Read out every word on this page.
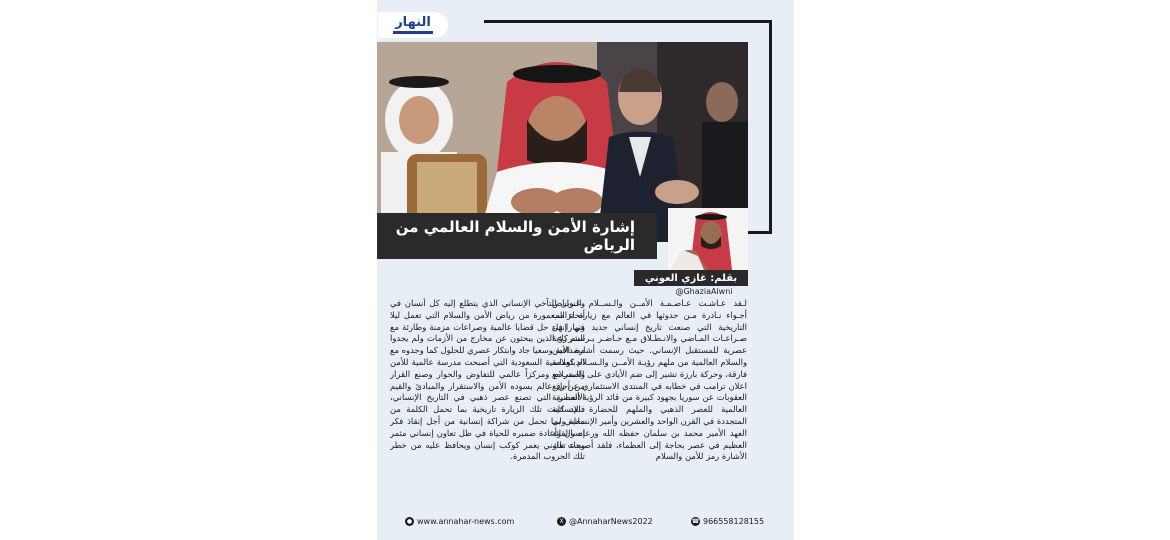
النهار
إشارة الأمن والسلام العالمي من الرياض
بقلم: غازي العوني
@GhaziaAlwni

لـقد عـاشـت عـاصـمـة الأمــن والـســلام الـريـاض أجـواء نـادرة مـن حدوثها في العالم مع زيارة ترامب التاريخية التي صنعت تاريخ إنساني جديد في إنهاء صـراعـات المـاضي والانـطـلاق مـع حـاضـر يـرسـم رؤية عصرية للمستقبل الإنساني. حيث رسمت أشارة الأمن والسلام العالمية من ملهم رؤيـة الأمــن والـسـلام كعلامة فارقة، وحركة بارزة تشير إلى ضم الأيادي على الصدر مع اعلان ترامب في خطابه في المنتدى الاستثماري عن رفع العقوبات عن سوريا بجهود كبيرة من قائد الرؤية العصرية العالمية للعصر الذهبي والملهم للحضارة الإنسانية المتجددة في القرن الواحد والعشرين وأمير الإنسانية ولي العهد الأمير محمد بن سلمان حفظه الله ورعاه والقائد العظيم في عصر بحاجة إلى العظماء، فلقد أصبحت تلك الأشارة رمز للأمن والسلام

وعنوان للتآخي الإنساني الذي يتطلع إليه كل أنسان في أنحاء المعمورة من رياض الأمن والسلام التي تعمل ليلا ونهارا في حل قضايا عالمية وصراعات مزمنة وطارئة مع الشركاء الذين يبحثون عن مخارج من الأزمات ولم يجدوا مصداقية وسعيا جاد وابتكار عصري للحلول كما وجدوه مع الدبلوماسية السعودية التي أصبحت مدرسة عالمية للأمن والـسـلام ومركزاً عالمي للتفاوض والحوار وصنع القرار من أجل عالم يسوده الأمن والاستقرار والمبادئ والقيم الأنسانية التي تصنع عصر ذهبي في التاريخ الإنساني، فلقد كانت تلك الزيارة تاريخية بما تحمل الكلمة من معاني بما تحمل من شراكة إنسانية من أجل إنقاذ فكر إنسان وأعادة ضميره للحياة في ظل تعاون إنساني مثمر وبناء تعاوني يعمر كوكب إنسان ويحافظ عليه من خطر تلك الحروب المدمرة.

● www.annahar-news.com	X @AnnaharNews2022	☎ 966558128155
